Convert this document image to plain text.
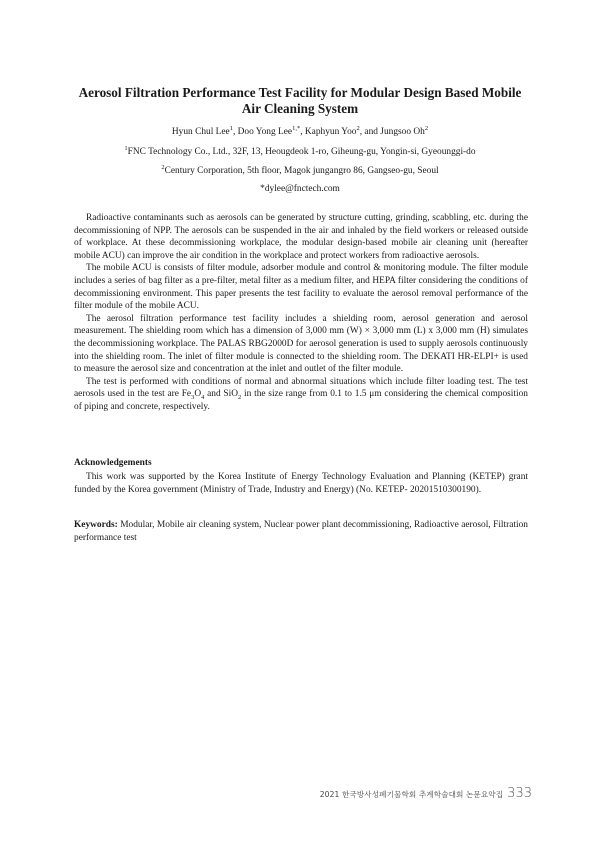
Aerosol Filtration Performance Test Facility for Modular Design Based Mobile Air Cleaning System

Hyun Chul Lee$^1$, Doo Yong Lee$^{1,*}$, Kaphyun Yoo$^2$, and Jungsoo Oh$^2$

$^1$FNC Technology Co., Ltd., 32F, 13, Heougdeok 1-ro, Giheung-gu, Yongin-si, Gyeounggi-do

$^2$Century Corporation, 5th floor, Magok jungangro 86, Gangseo-gu, Seoul

*dylee@fnctech.com

Radioactive contaminants such as aerosols can be generated by structure cutting, grinding, scabbling, etc. during the decommissioning of NPP. The aerosols can be suspended in the air and inhaled by the field workers or released outside of workplace. At these decommissioning workplace, the modular design-based mobile air cleaning unit (hereafter mobile ACU) can improve the air condition in the workplace and protect workers from radioactive aerosols.

The mobile ACU is consists of filter module, adsorber module and control & monitoring module. The filter module includes a series of bag filter as a pre-filter, metal filter as a medium filter, and HEPA filter considering the conditions of decommissioning environment. This paper presents the test facility to evaluate the aerosol removal performance of the filter module of the mobile ACU.

The aerosol filtration performance test facility includes a shielding room, aerosol generation and aerosol measurement. The shielding room which has a dimension of 3,000 mm (W) × 3,000 mm (L) x 3,000 mm (H) simulates the decommissioning workplace. The PALAS RBG2000D for aerosol generation is used to supply aerosols continuously into the shielding room. The inlet of filter module is connected to the shielding room. The DEKATI HR-ELPI+ is used to measure the aerosol size and concentration at the inlet and outlet of the filter module.

The test is performed with conditions of normal and abnormal situations which include filter loading test. The test aerosols used in the test are $Fe_3O_4$ and SiO$_2$ in the size range from 0.1 to 1.5 μm considering the chemical composition of piping and concrete, respectively.

Acknowledgements

This work was supported by the Korea Institute of Energy Technology Evaluation and Planning (KETEP) grant funded by the Korea government (Ministry of Trade, Industry and Energy) (No. KETEP- 20201510300190).

Keywords: Modular, Mobile air cleaning system, Nuclear power plant decommissioning, Radioactive aerosol, Filtration performance test

2021 한국방사성폐기물학회 추계학술대회 논문요약집 333
